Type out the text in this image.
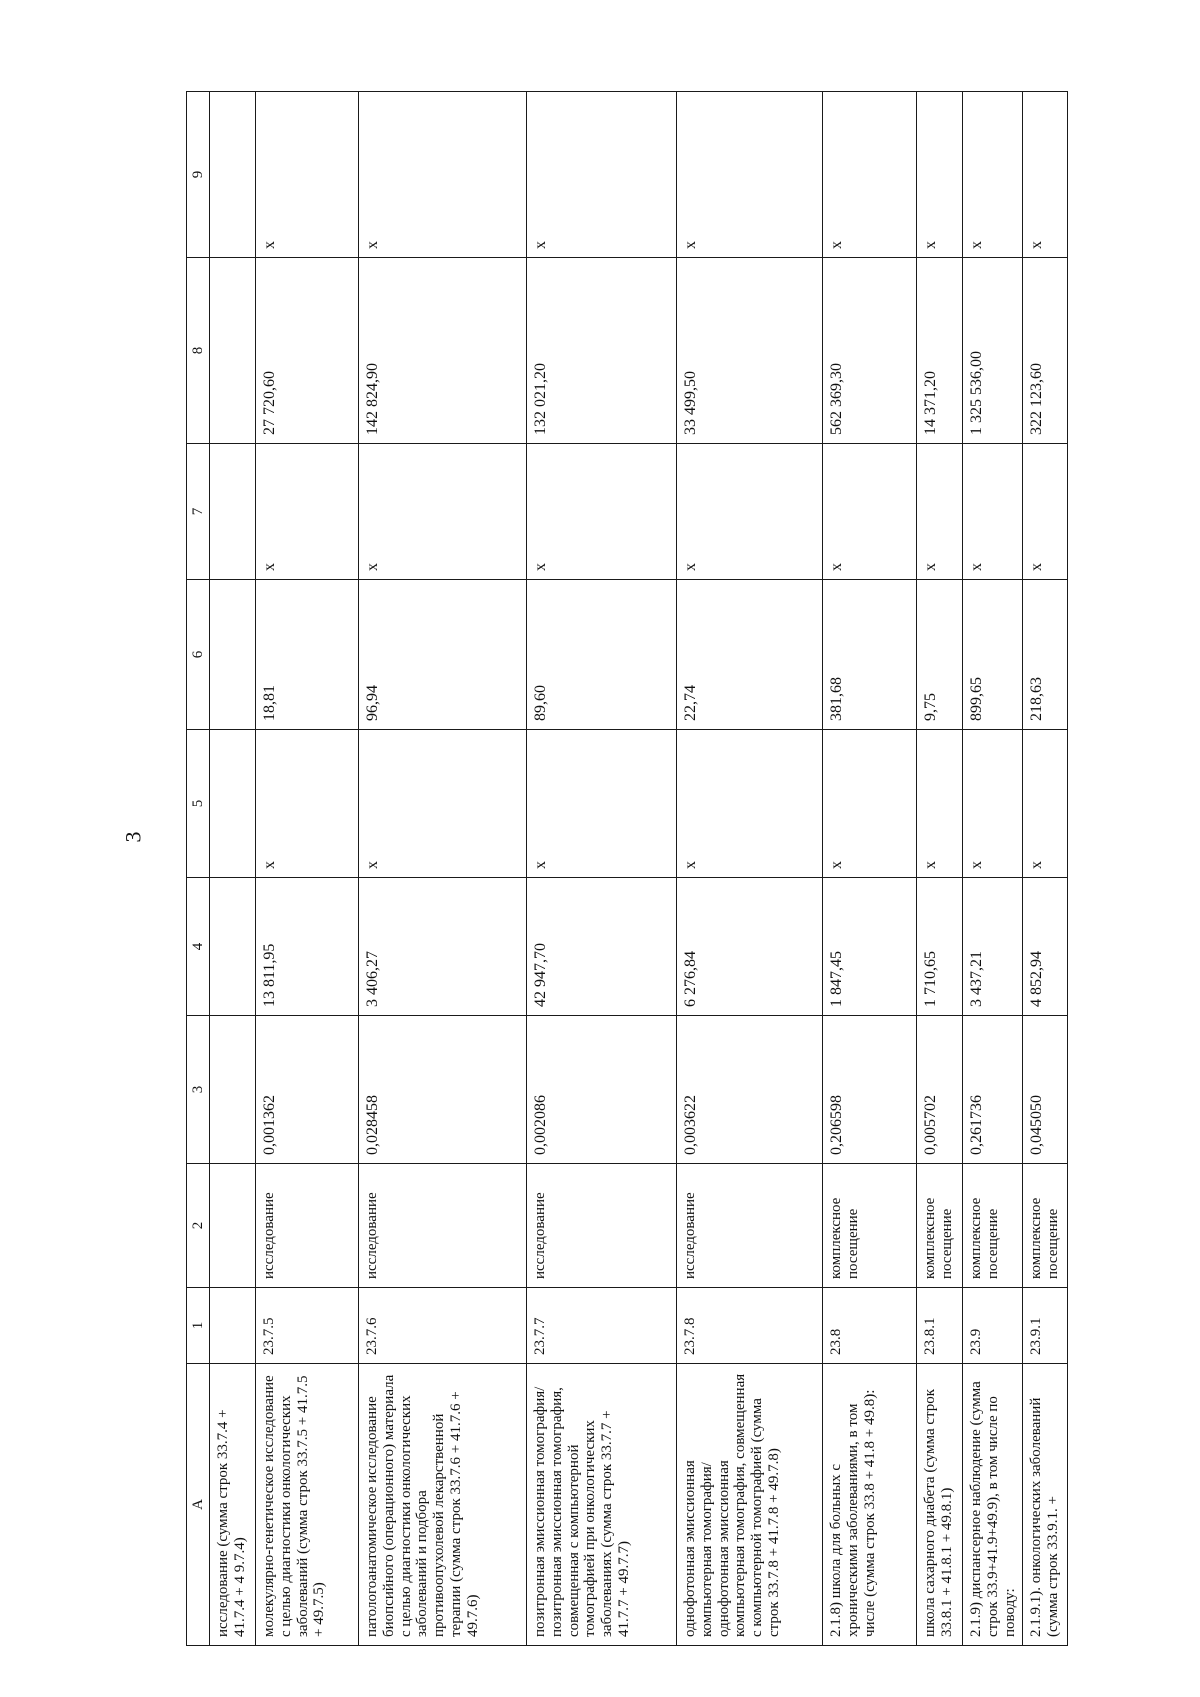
3
А	1	2	3	4	5	6	7	8	9
исследование (сумма строк 33.7.4 + 41.7.4 + 4 9.7.4)									
молекулярно-генетическое исследование с целью диагностики онкологических заболеваний (сумма строк 33.7.5 + 41.7.5 + 49.7.5)	23.7.5	исследование	0,001362	13 811,95	х	18,81	х	27 720,60	х
патологоанатомическое исследование биопсийного (операционного) материала с целью диагностики онкологических заболеваний и подбора противоопухолевой лекарственной терапии (сумма строк 33.7.6 + 41.7.6 + 49.7.6)	23.7.6	исследование	0,028458	3 406,27	х	96,94	х	142 824,90	х
позитронная эмиссионная томография/позитронная эмиссионная томография, совмещенная с компьютерной томографией при онкологических заболеваниях (сумма строк 33.7.7 + 41.7.7 + 49.7.7)	23.7.7	исследование	0,002086	42 947,70	х	89,60	х	132 021,20	х
однофотонная эмиссионная компьютерная томография/ однофотонная эмиссионная компьютерная томография, совмещенная с компьютерной томографией (сумма строк 33.7.8 + 41.7.8 + 49.7.8)	23.7.8	исследование	0,003622	6 276,84	х	22,74	х	33 499,50	х
2.1.8) школа для больных с хроническими заболеваниями, в том числе (сумма строк 33.8 + 41.8 + 49.8):	23.8	комплексное посещение	0,206598	1 847,45	х	381,68	х	562 369,30	х
школа сахарного диабета (сумма строк 33.8.1 + 41.8.1 + 49.8.1)	23.8.1	комплексное посещение	0,005702	1 710,65	х	9,75	х	14 371,20	х
2.1.9) диспансерное наблюдение (сумма строк 33.9+41.9+49.9), в том числе по поводу:	23.9	комплексное посещение	0,261736	3 437,21	х	899,65	х	1 325 536,00	х
2.1.9.1). онкологических заболеваний (сумма строк 33.9.1. +	23.9.1	комплексное посещение	0,045050	4 852,94	х	218,63	х	322 123,60	х
